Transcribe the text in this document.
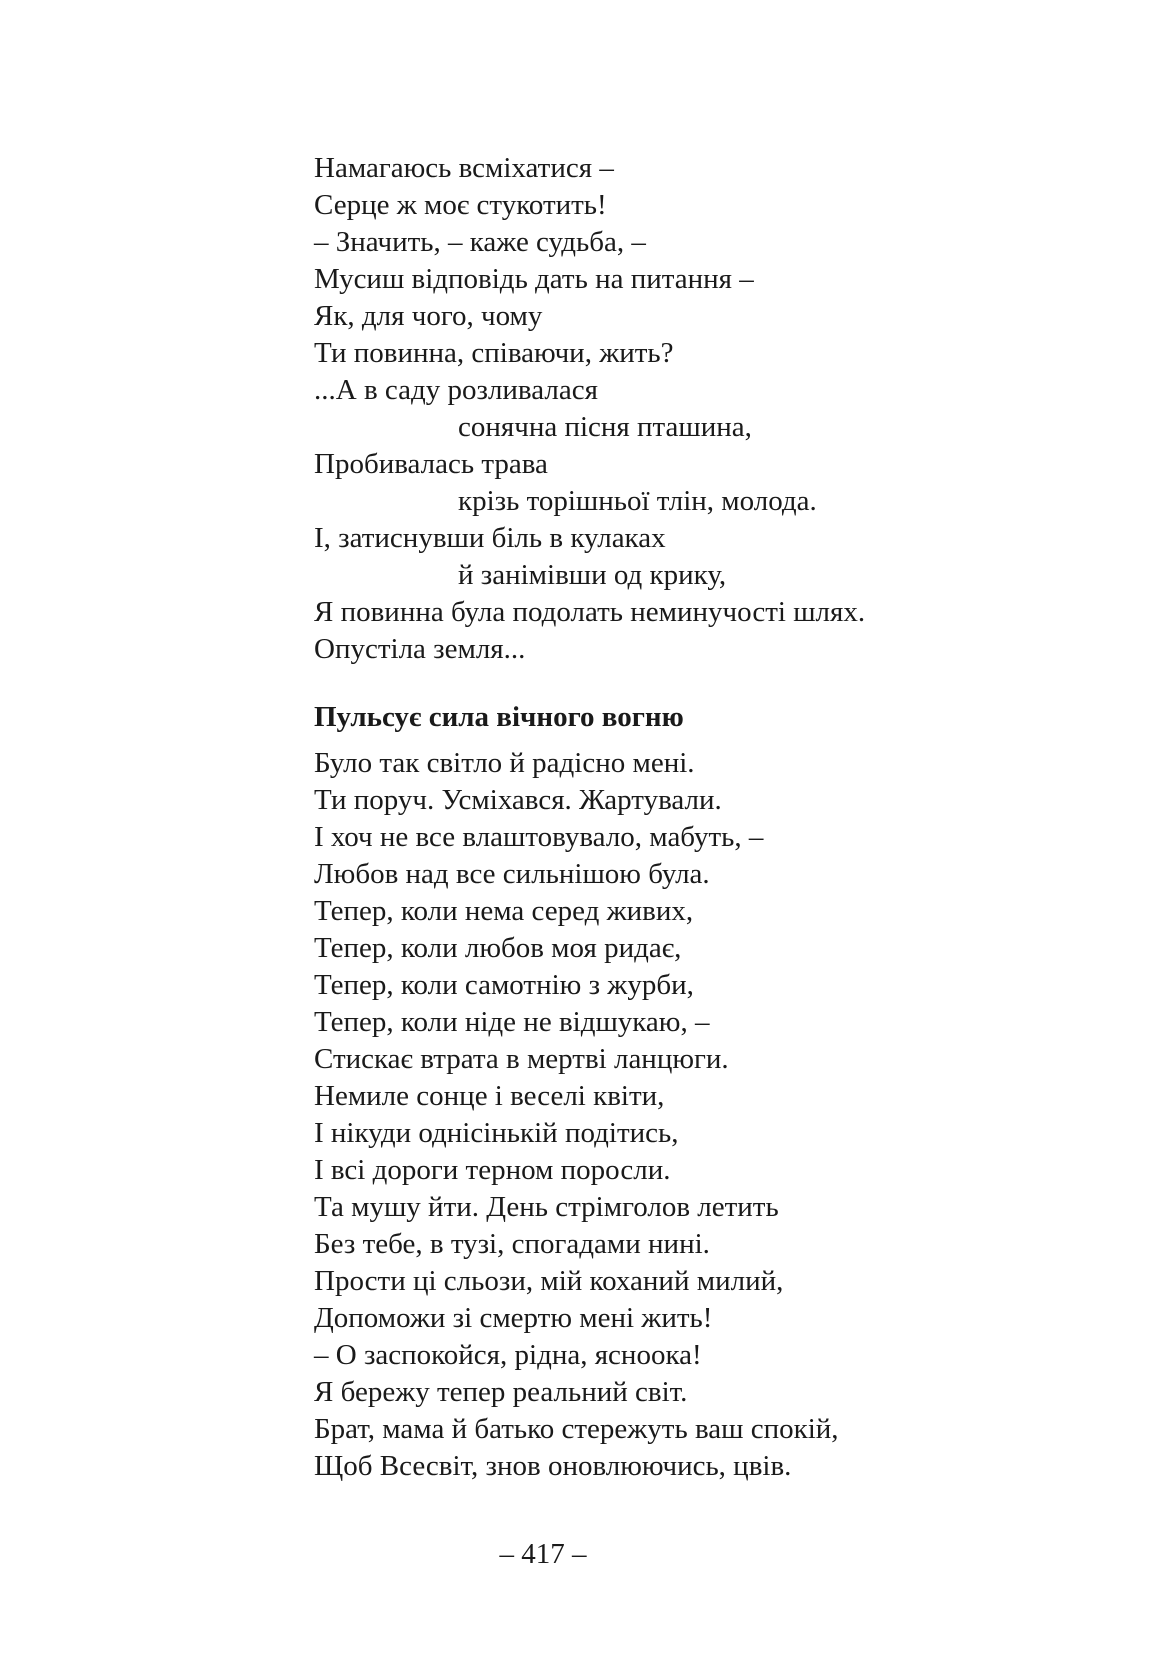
Намагаюсь всміхатися –
Серце ж моє стукотить!
– Значить, – каже судьба, –
Мусиш відповідь дать на питання –
Як, для чого, чому
Ти повинна, співаючи, жить?
...А в саду розливалася
сонячна пісня пташина,
Пробивалась трава
крізь торішньої тлін, молода.
І, затиснувши біль в кулаках
й занімівши од крику,
Я повинна була подолать неминучості шлях.
Опустіла земля...
Пульсує сила вічного вогню
Було так світло й радісно мені.
Ти поруч. Усміхався. Жартували.
І хоч не все влаштовувало, мабуть, –
Любов над все сильнішою була.
Тепер, коли нема серед живих,
Тепер, коли любов моя ридає,
Тепер, коли самотнію з журби,
Тепер, коли ніде не відшукаю, –
Стискає втрата в мертві ланцюги.
Немиле сонце і веселі квіти,
І нікуди однісінькій подітись,
І всі дороги терном поросли.
Та мушу йти. День стрімголов летить
Без тебе, в тузі, спогадами нині.
Прости ці сльози, мій коханий милий,
Допоможи зі смертю мені жить!
– О заспокойся, рідна, ясноока!
Я бережу тепер реальний світ.
Брат, мама й батько стережуть ваш спокій,
Щоб Всесвіт, знов оновлюючись, цвів.
– 417 –
